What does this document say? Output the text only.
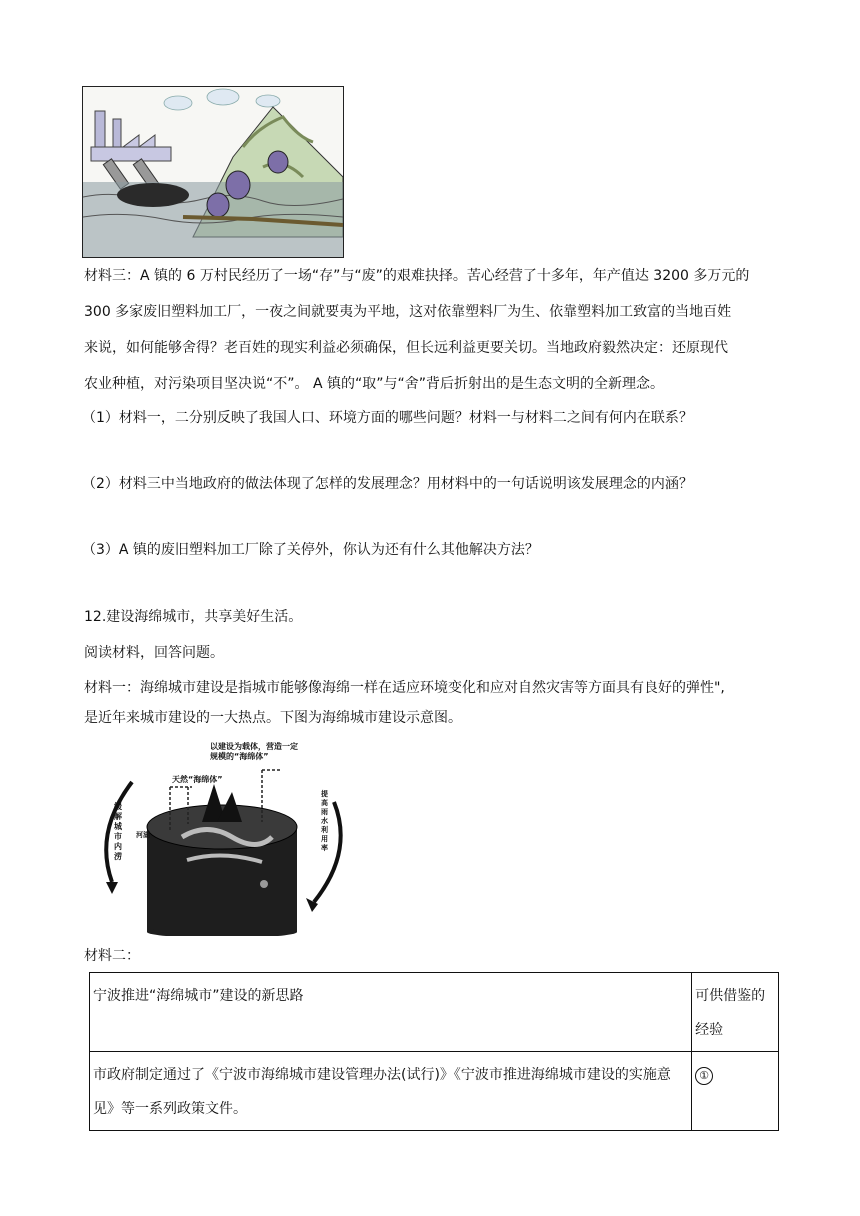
材料三：A 镇的 6 万村民经历了一场“存”与“废”的艰难抉择。苦心经营了十多年，年产值达 3200 多万元的
300 多家废旧塑料加工厂，一夜之间就要夷为平地，这对依靠塑料厂为生、依靠塑料加工致富的当地百姓
来说，如何能够舍得？老百姓的现实利益必须确保，但长远利益更要关切。当地政府毅然决定：还原现代
农业种植，对污染项目坚决说“不”。 A 镇的“取”与“舍”背后折射出的是生态文明的全新理念。
（1）材料一，二分别反映了我国人口、环境方面的哪些问题？材料一与材料二之间有何内在联系？
（2）材料三中当地政府的做法体现了怎样的发展理念？用材料中的一句话说明该发展理念的内涵？
（3）A 镇的废旧塑料加工厂除了关停外，你认为还有什么其他解决方法？
12.建设海绵城市，共享美好生活。
阅读材料，回答问题。
材料一：海绵城市建设是指城市能够像海绵一样在适应环境变化和应对自然灾害等方面具有良好的弹性",
是近年来城市建设的一大热点。下图为海绵城市建设示意图。
以建设为载体，营造一定规模的“海绵体”
天然“海绵体”
缓解城市内涝
提高雨水利用率
河湖
材料二：
宁波推进“海绵城市”建设的新思路	可供借鉴的经验
市政府制定通过了《宁波市海绵城市建设管理办法(试行)》《宁波市推进海绵城市建设的实施意见》等一系列政策文件。	①
